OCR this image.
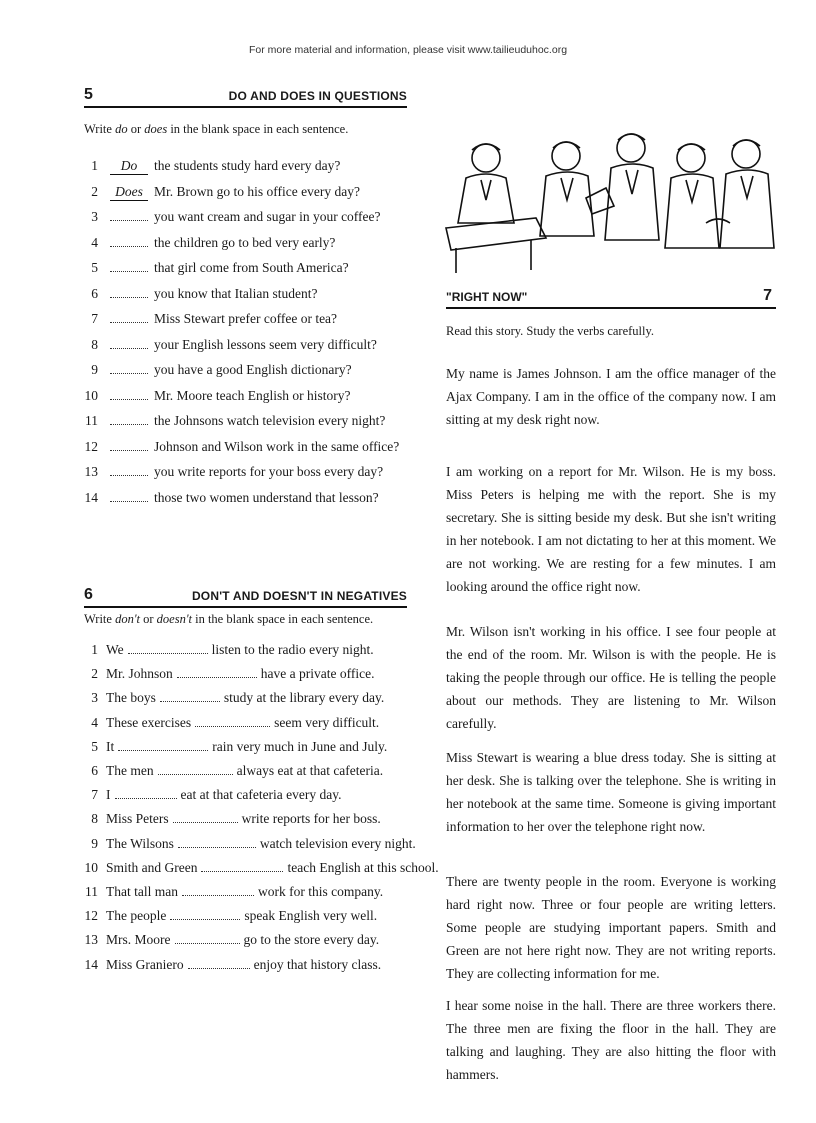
For more material and information, please visit www.tailieuduhoc.org
5	DO AND DOES IN QUESTIONS
Write do or does in the blank space in each sentence.
1	Do the students study hard every day?
2	Does Mr. Brown go to his office every day?
3	you want cream and sugar in your coffee?
4	the children go to bed very early?
5	that girl come from South America?
6	you know that Italian student?
7	Miss Stewart prefer coffee or tea?
8	your English lessons seem very difficult?
9	you have a good English dictionary?
10	Mr. Moore teach English or history?
11	the Johnsons watch television every night?
12	Johnson and Wilson work in the same office?
13	you write reports for your boss every day?
14	those two women understand that lesson?
6	DON'T AND DOESN'T IN NEGATIVES
Write don't or doesn't in the blank space in each sentence.
1 We	listen to the radio every night.
2 Mr. Johnson	have a private office.
3 The boys	study at the library every day.
4 These exercises	seem very difficult.
5 It	rain very much in June and July.
6 The men	always eat at that cafeteria.
7 I	eat at that cafeteria every day.
8 Miss Peters	write reports for her boss.
9 The Wilsons	watch television every night.
10 Smith and Green	teach English at this school.
11 That tall man	work for this company.
12 The people	speak English very well.
13 Mrs. Moore	go to the store every day.
14 Miss Graniero	enjoy that history class.
"RIGHT NOW"	7
Read this story. Study the verbs carefully.
My name is James Johnson. I am the office manager of the Ajax Company. I am in the office of the company now. I am sitting at my desk right now.
I am working on a report for Mr. Wilson. He is my boss. Miss Peters is helping me with the report. She is my secretary. She is sitting beside my desk. But she isn't writing in her notebook. I am not dictating to her at this moment. We are not working. We are resting for a few minutes. I am looking around the office right now.
Mr. Wilson isn't working in his office. I see four people at the end of the room. Mr. Wilson is with the people. He is taking the people through our office. He is telling the people about our methods. They are listening to Mr. Wilson carefully.
Miss Stewart is wearing a blue dress today. She is sitting at her desk. She is talking over the telephone. She is writing in her notebook at the same time. Someone is giving important information to her over the telephone right now.
There are twenty people in the room. Everyone is working hard right now. Three or four people are writing letters. Some people are studying important papers. Smith and Green are not here right now. They are not writing reports. They are collecting information for me.
I hear some noise in the hall. There are three workers there. The three men are fixing the floor in the hall. They are talking and laughing. They are also hitting the floor with hammers.
